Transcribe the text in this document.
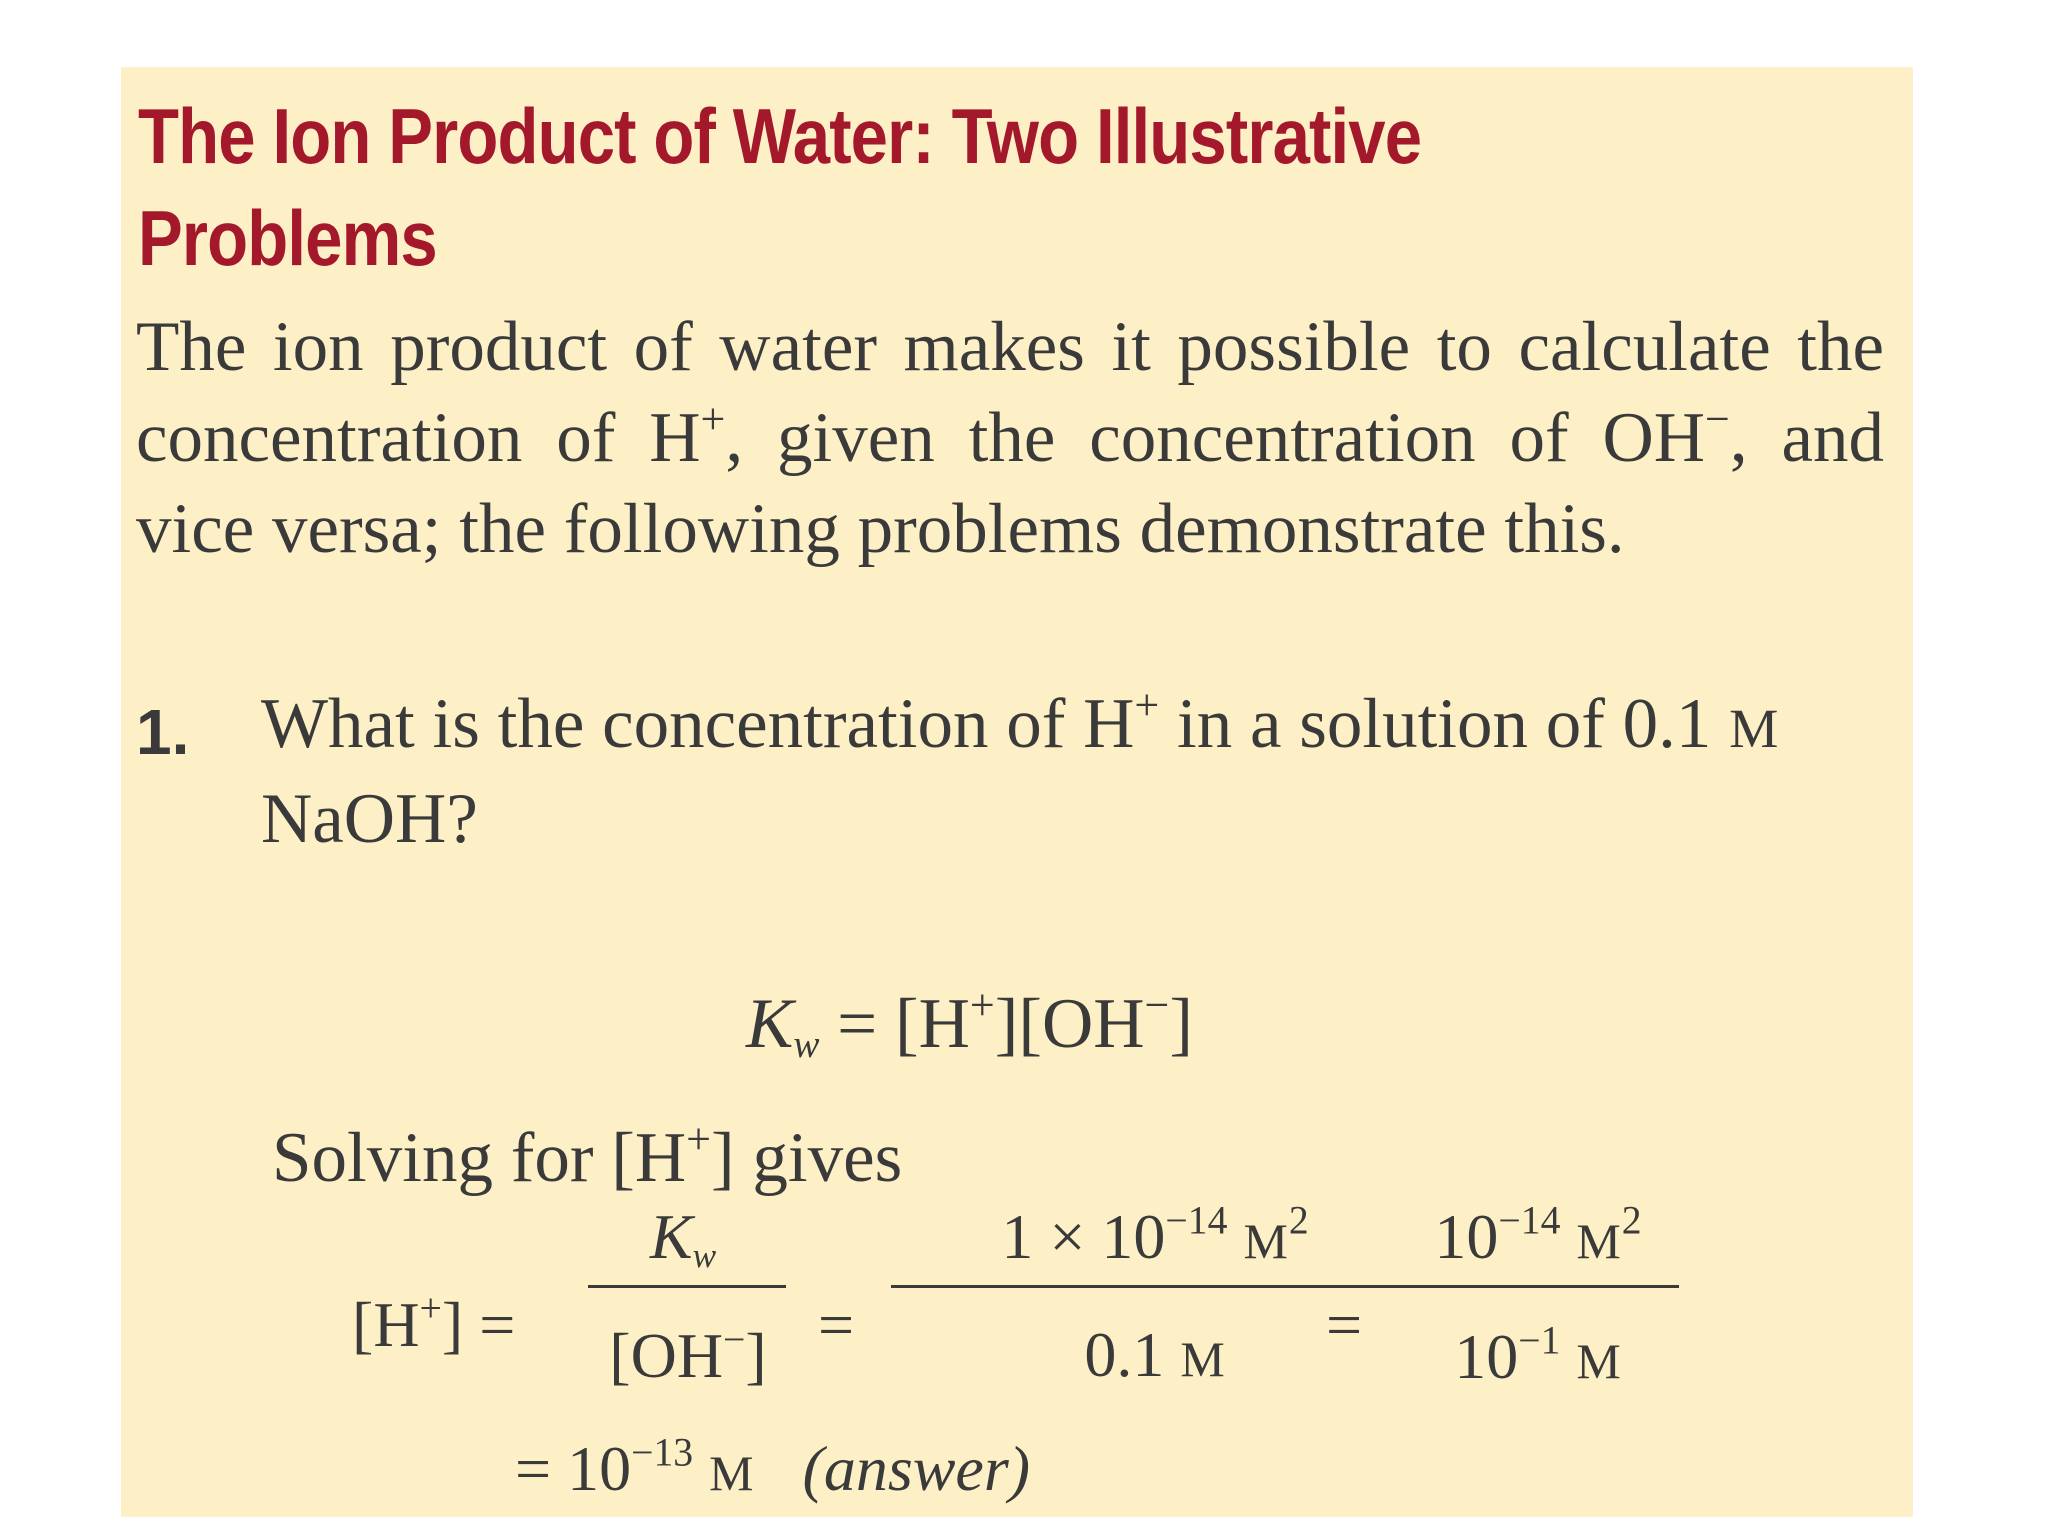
The Ion Product of Water: Two Illustrative Problems
The ion product of water makes it possible to calculate the concentration of H+, given the concentration of OH−, and vice versa; the following problems demonstrate this.
1. What is the concentration of H+ in a solution of 0.1 M NaOH?
$K_w = [H^+][OH^-]$
Solving for [H+] gives
[H+] =
$K_w$
[OH−] =
$1 \times 10^{-14}$ $M^2$
0.1 M	=
$10^{-14}$ $M^2$
$10^{-1}$ M
= $10^{-13}$ M (answer)
